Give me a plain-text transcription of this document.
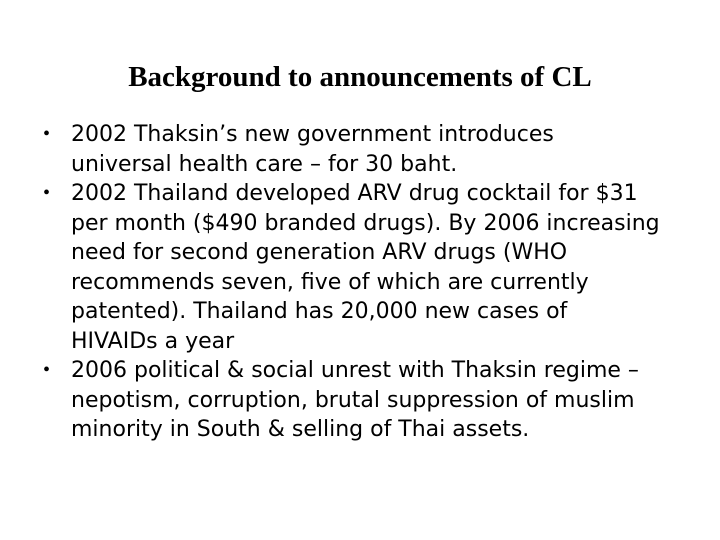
Background to announcements of CL
• 2002 Thaksin’s new government introduces universal health care – for 30 baht.
• 2002 Thailand developed ARV drug cocktail for $31 per month ($490 branded drugs). By 2006 increasing need for second generation ARV drugs (WHO recommends seven, five of which are currently patented). Thailand has 20,000 new cases of HIVAIDs a year
• 2006 political & social unrest with Thaksin regime – nepotism, corruption, brutal suppression of muslim minority in South & selling of Thai assets.
